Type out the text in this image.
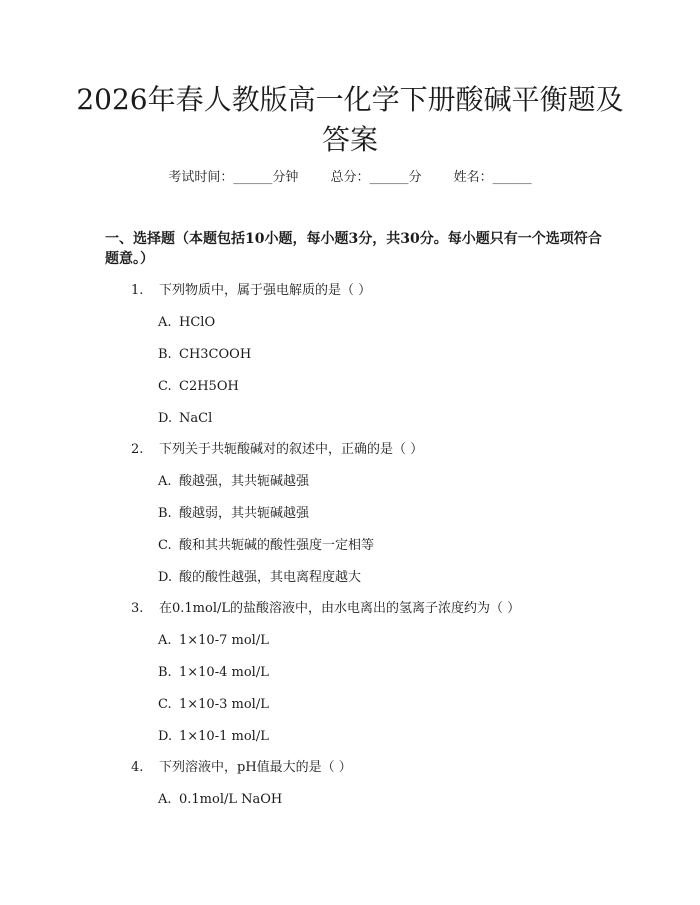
2026年春人教版高一化学下册酸碱平衡题及
答案
考试时间：______分钟 总分：______分 姓名：______
一、选择题（本题包括10小题，每小题3分，共30分。每小题只有一个选项符合题意。）
1. 下列物质中，属于强电解质的是（ ）
A. HClO
B. CH3COOH
C. C2H5OH
D. NaCl
2. 下列关于共轭酸碱对的叙述中，正确的是（ ）
A. 酸越强，其共轭碱越强
B. 酸越弱，其共轭碱越强
C. 酸和其共轭碱的酸性强度一定相等
D. 酸的酸性越强，其电离程度越大
3. 在0.1mol/L的盐酸溶液中，由水电离出的氢离子浓度约为（ ）
A. 1×10-7 mol/L
B. 1×10-4 mol/L
C. 1×10-3 mol/L
D. 1×10-1 mol/L
4. 下列溶液中，pH值最大的是（ ）
A. 0.1mol/L NaOH
